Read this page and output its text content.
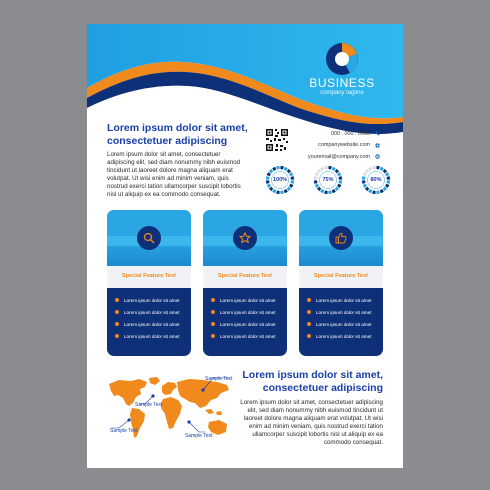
BUSINESS
company tagline
Lorem ipsum dolor sit amet, consectetuer adipiscing
Lorem ipsum dolor sit amet, consectetuer adipiscing elit, sed diam nonummy nibh euismod tincidunt ut laoreet dolore magna aliquam erat volutpat. Ut wisi enim ad minim veniam, quis nostrud exerci tation ullamcorper suscipit lobortis nisl ut aliquip ex ea commodo consequat.
000 . 000 . 0000
companywebsite.com
youremail@company.com
100%	75%	80%
Special Feature Text
Lorem ipsum dolor sit amet
Lorem ipsum dolor sit amet
Lorem ipsum dolor sit amet
Lorem ipsum dolor sit amet
Special Feature Text
Lorem ipsum dolor sit amet
Lorem ipsum dolor sit amet
Lorem ipsum dolor sit amet
Lorem ipsum dolor sit amet
Special Feature Text
Lorem ipsum dolor sit amet
Lorem ipsum dolor sit amet
Lorem ipsum dolor sit amet
Lorem ipsum dolor sit amet
Sample Text
Sample Text
Sample Text
Sample Text
Lorem ipsum dolor sit amet, consectetuer adipiscing
Lorem ipsum dolor sit amet, consectetuer adipiscing elit, sed diam nonummy nibh euismod tincidunt ut laoreet dolore magna aliquam erat volutpat. Ut wisi enim ad minim veniam, quis nostrud exerci tation ullamcorper suscipit lobortis nisl ut aliquip ex ea commodo consequat.
